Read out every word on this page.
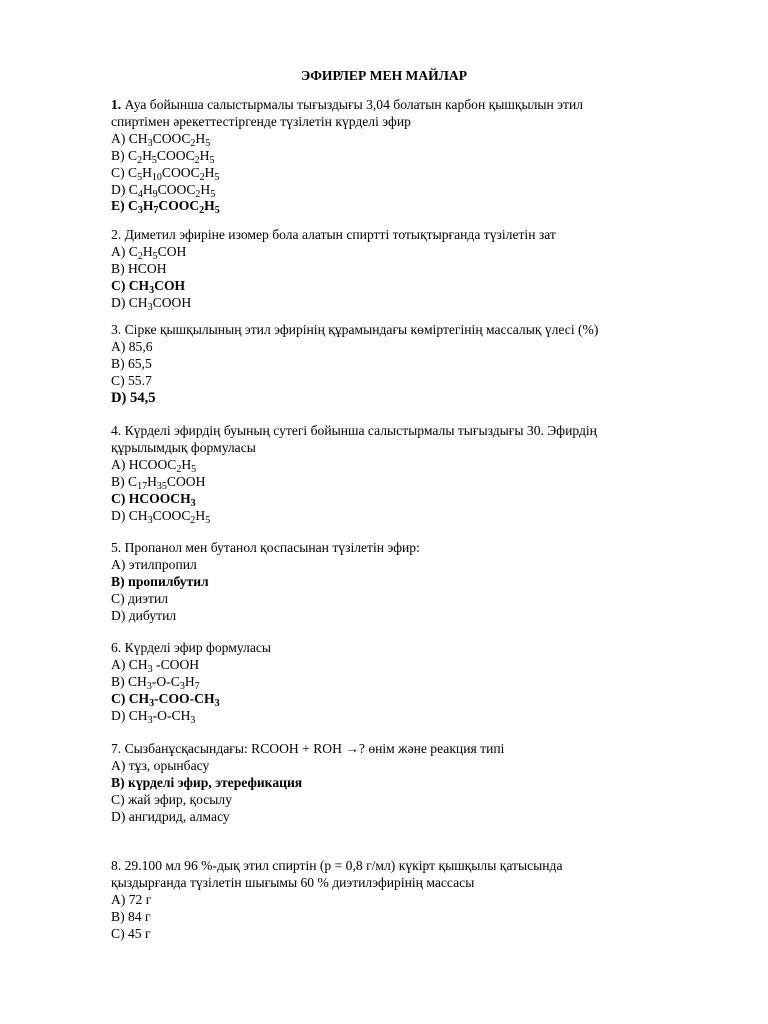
ЭФИРЛЕР МЕН МАЙЛАР
1. Ауа бойынша салыстырмалы тығыздығы 3,04 болатын карбон қышқылын этил
спиртімен әрекеттестіргенде түзілетін күрделі эфир
A) $CH_3COOC_2H_5$
B) $C_2H_5COOC_2H_5$
C) $C_5H_{10}COOC_2H_5$
D) $C_4H_9COOC_2H_5$
E) $C_3H_7COOC_2H_5$
2. Диметил эфиріне изомер бола алатын спиртті тотықтырғанда түзілетін зат
A) $C_2H_5COH$
B) HCOH
C) $CH_3COH$
D) $CH_3COOH$
3. Сірке қышқылының этил эфирінің құрамындағы көміртегінің массалық үлесі (%)
A) 85,6
B) 65,5
C) 55.7
D) 54,5
4. Күрделі эфирдің буының сутегі бойынша салыстырмалы тығыздығы 30. Эфирдің
құрылымдық формуласы
A) $HCOOC_2H_5$
B) $C_{17}H_{35}COOH$
C) $HCOOCH_3$
D) $CH_3COOC_2H_5$
5. Пропанол мен бутанол қоспасынан түзілетін эфир:
A) этилпропил
B) пропилбутил
C) диэтил
D) дибутил
6. Күрделі эфир формуласы
A) $CH_3$ -COOH
B) $CH_3-O-C_3H_7$
C) $CH_3-COO-CH_3$
D) $CH_3-O-CH_3$
7. Сызбанұсқасындағы: RCOOH + ROH →? өнім және реакция типі
A) тұз, орынбасу
B) күрделі эфир, этерефикация
C) жай эфир, қосылу
D) ангидрид, алмасу
8. 29.100 мл 96 %-дық этил спиртін (p = 0,8 г/мл) күкірт қышқылы қатысында
қыздырғанда түзілетін шығымы 60 % диэтилэфирінің массасы
A) 72 г
B) 84 г
C) 45 г
